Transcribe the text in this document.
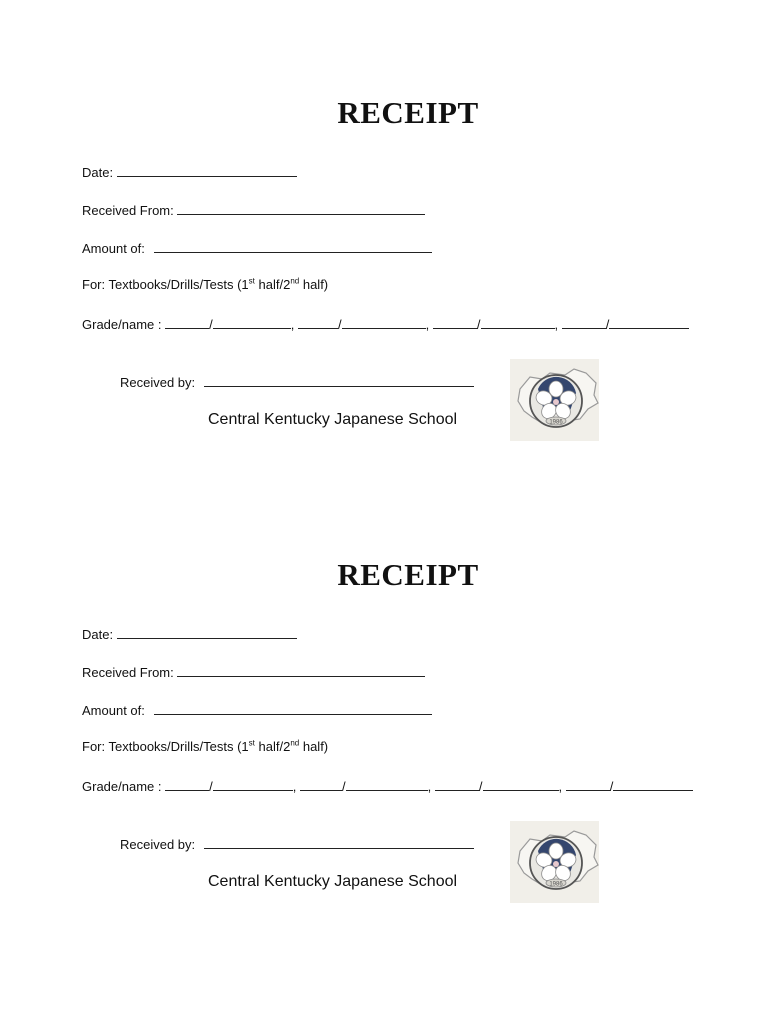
RECEIPT
Date:
Received From:
Amount of:
For: Textbooks/Drills/Tests (1st half/2nd half)
Grade/name :	/	,	/	,	/	,	/
Received by:
Central Kentucky Japanese School	1986
RECEIPT
Date:
Received From:
Amount of:
For: Textbooks/Drills/Tests (1st half/2nd half)
Grade/name :	/	,	/	,	/	,	/
Received by:
Central Kentucky Japanese School	1986
